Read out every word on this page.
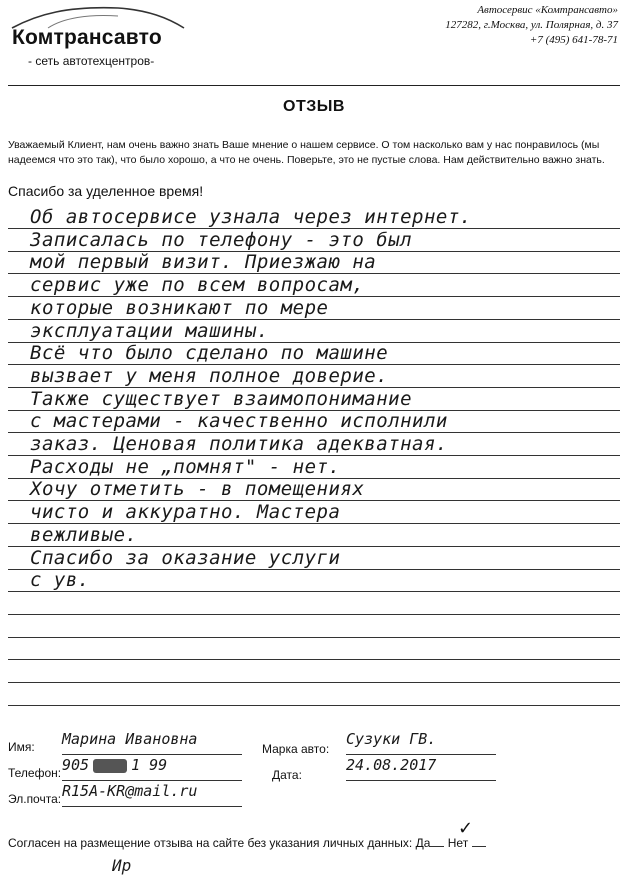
Комтрансавто
- сеть автотехцентров-
Автосервис «Комтрансавто»
127282, г.Москва, ул. Полярная, д. 37
+7 (495) 641-78-71
ОТЗЫВ
Уважаемый Клиент, нам очень важно знать Ваше мнение о нашем сервисе. О том насколько вам у нас понравилось (мы надеемся что это так), что было хорошо, а что не очень. Поверьте, это не пустые слова. Нам действительно важно знать.
Спасибо за уделенное время!
Об автосервисе узнала через интернет.
Записалась по телефону - это был
мой первый визит. Приезжаю на
сервис уже по всем вопросам,
которые возникают по мере
эксплуатации машины.
Всё что было сделано по машине
вызвает у меня полное доверие.
Также существует взаимопонимание
с мастерами - качественно исполнили
заказ. Ценовая политика адекватная.
Расходы не „помнят" - нет.
Хочу отметить - в помещениях
чисто и аккуратно. Мастера
вежливые.
Спасибо за оказание услуги
с ув.
Имя: Марина Ивановна
Телефон: 905	1 99
Эл.почта: R15A-KR@mail.ru
Марка авто:
Сузуки ГВ.
Дата:
24.08.2017
Согласен на размещение отзыва на сайте без указания личных данных: Да Нет
✓
Ир
